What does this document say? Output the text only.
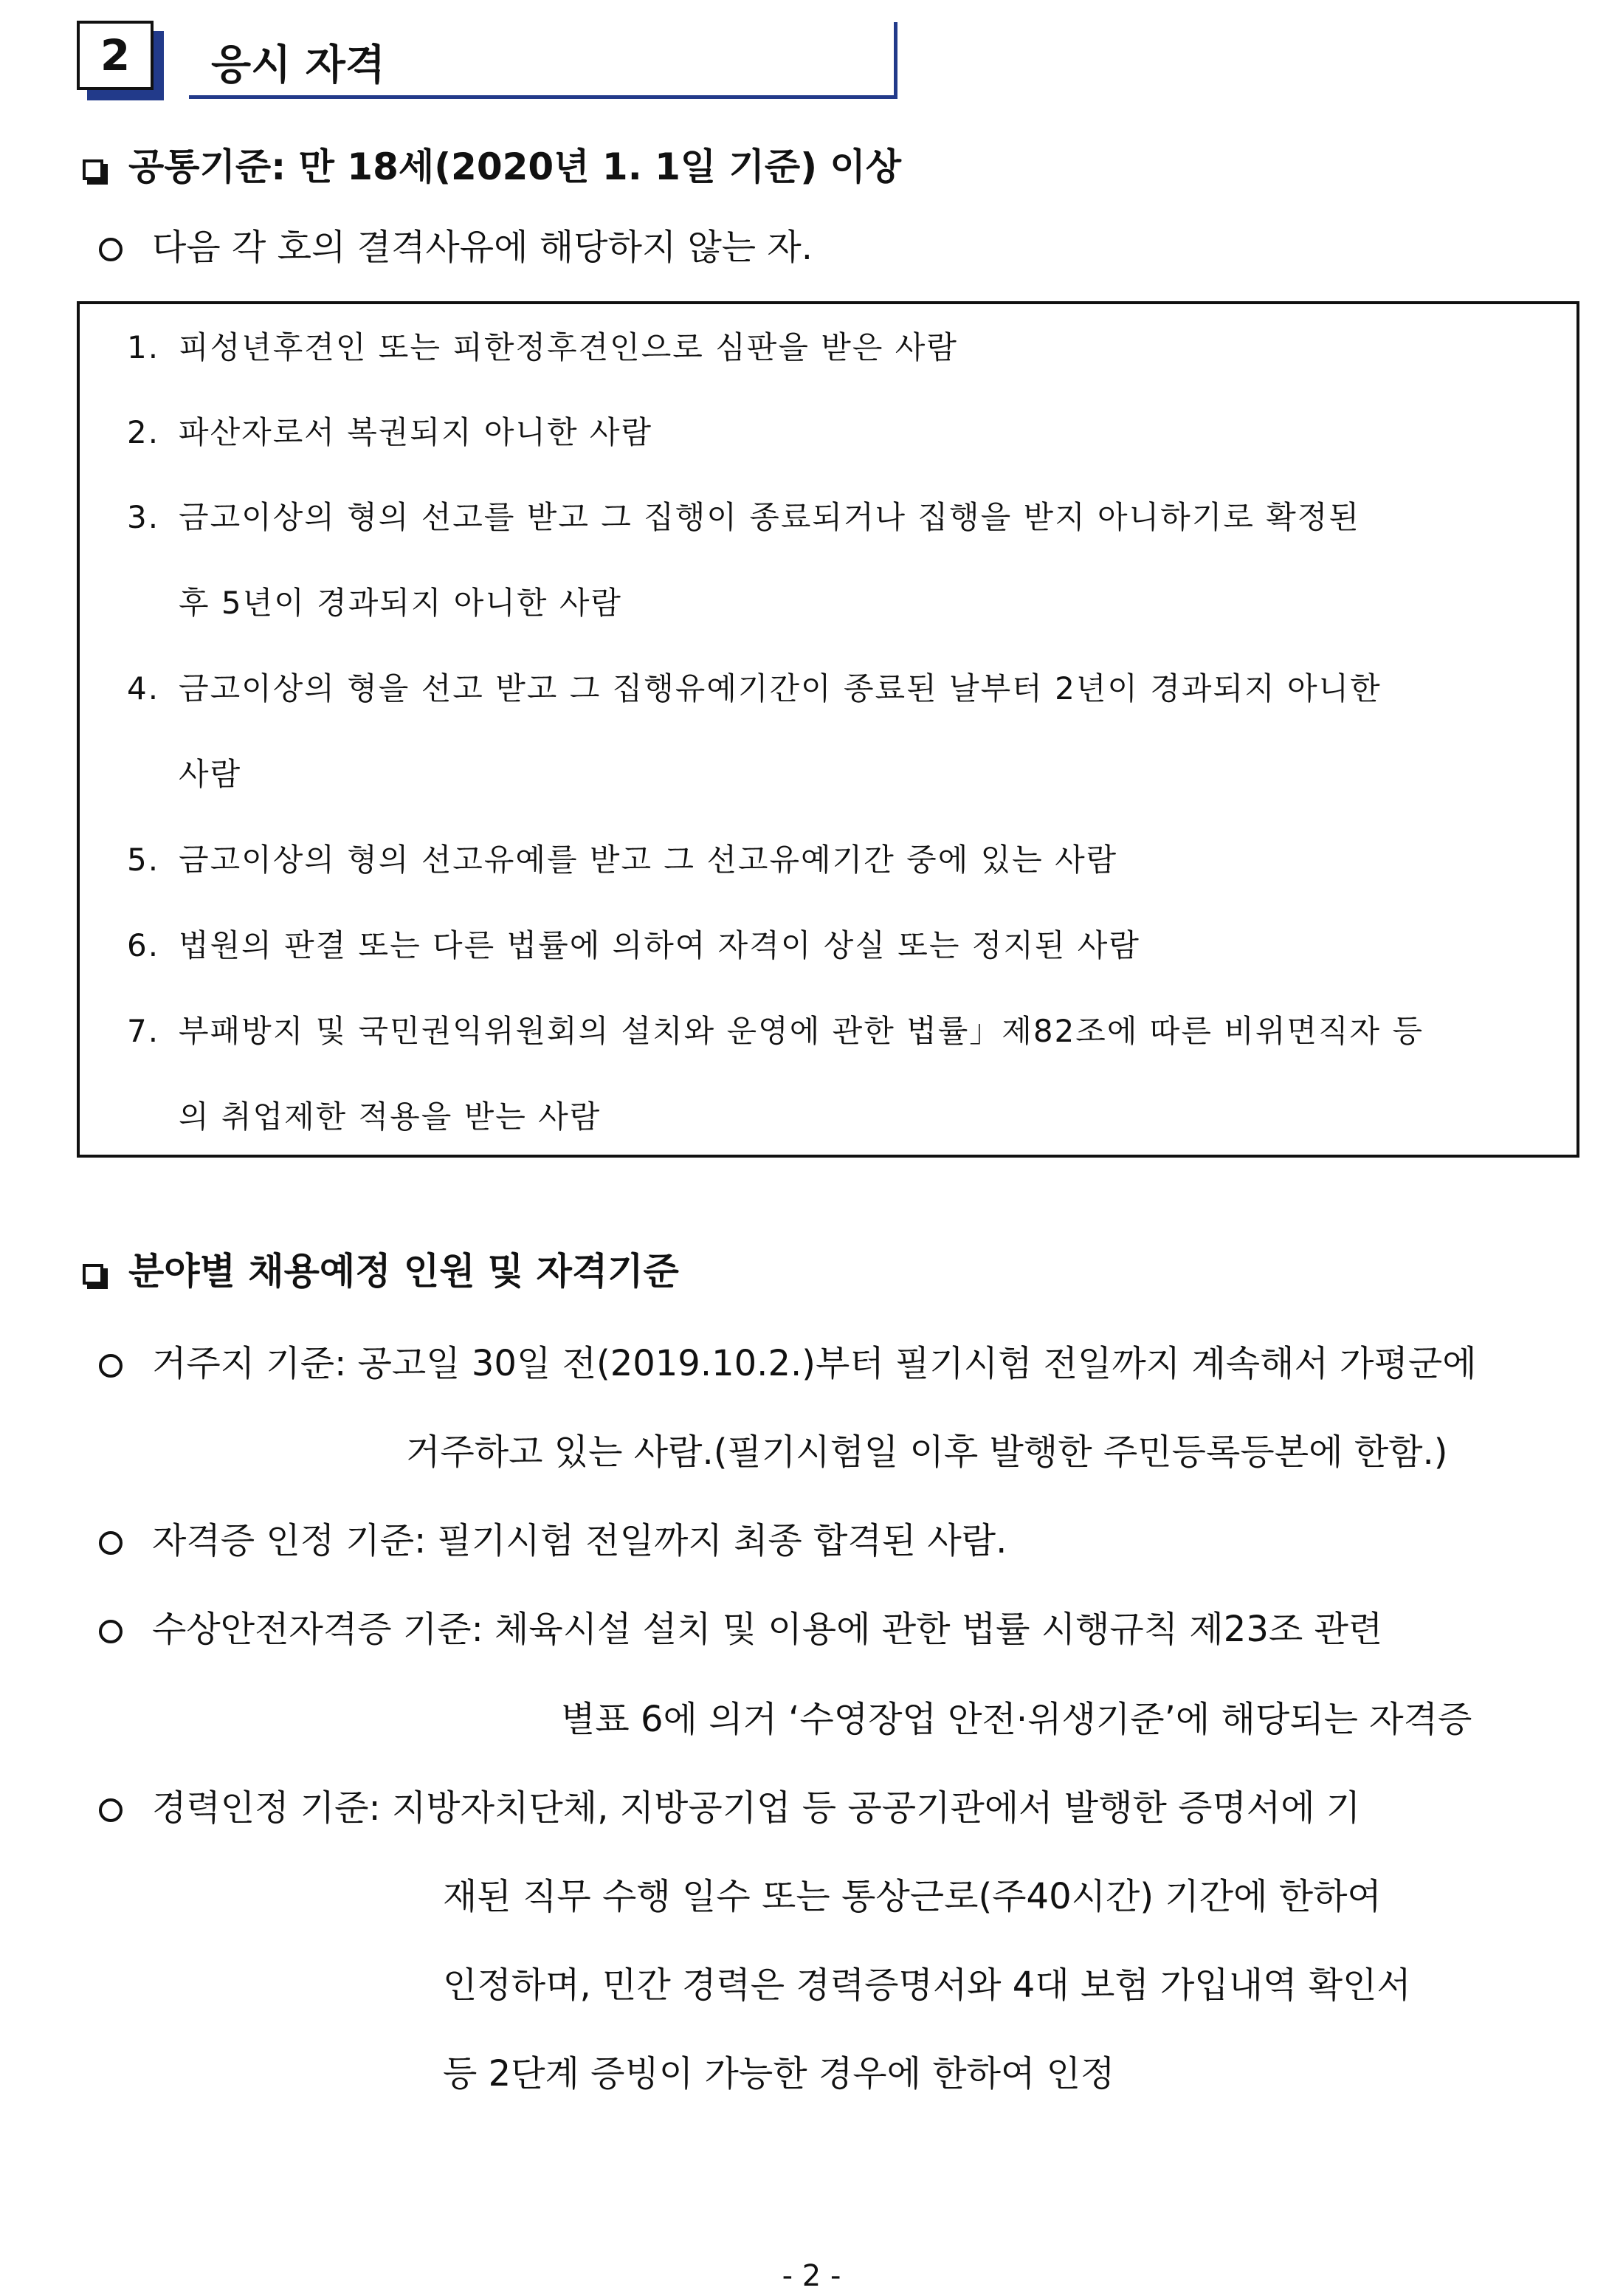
2	응시 자격
공통기준: 만 18세(2020년 1. 1일 기준) 이상
다음 각 호의 결격사유에 해당하지 않는 자.
1. 피성년후견인 또는 피한정후견인으로 심판을 받은 사람
2. 파산자로서 복권되지 아니한 사람
3. 금고이상의 형의 선고를 받고 그 집행이 종료되거나 집행을 받지 아니하기로 확정된
후 5년이 경과되지 아니한 사람
4. 금고이상의 형을 선고 받고 그 집행유예기간이 종료된 날부터 2년이 경과되지 아니한
사람
5. 금고이상의 형의 선고유예를 받고 그 선고유예기간 중에 있는 사람
6. 법원의 판결 또는 다른 법률에 의하여 자격이 상실 또는 정지된 사람
7. 부패방지 및 국민권익위원회의 설치와 운영에 관한 법률」제82조에 따른 비위면직자 등
의 취업제한 적용을 받는 사람
분야별 채용예정 인원 및 자격기준
거주지 기준: 공고일 30일 전(2019.10.2.)부터 필기시험 전일까지 계속해서 가평군에
거주하고 있는 사람.(필기시험일 이후 발행한 주민등록등본에 한함.)
자격증 인정 기준: 필기시험 전일까지 최종 합격된 사람.
수상안전자격증 기준: 체육시설 설치 및 이용에 관한 법률 시행규칙 제23조 관련
별표 6에 의거 ‘수영장업 안전·위생기준’에 해당되는 자격증
경력인정 기준: 지방자치단체, 지방공기업 등 공공기관에서 발행한 증명서에 기
재된 직무 수행 일수 또는 통상근로(주40시간) 기간에 한하여
인정하며, 민간 경력은 경력증명서와 4대 보험 가입내역 확인서
등 2단계 증빙이 가능한 경우에 한하여 인정
- 2 -
